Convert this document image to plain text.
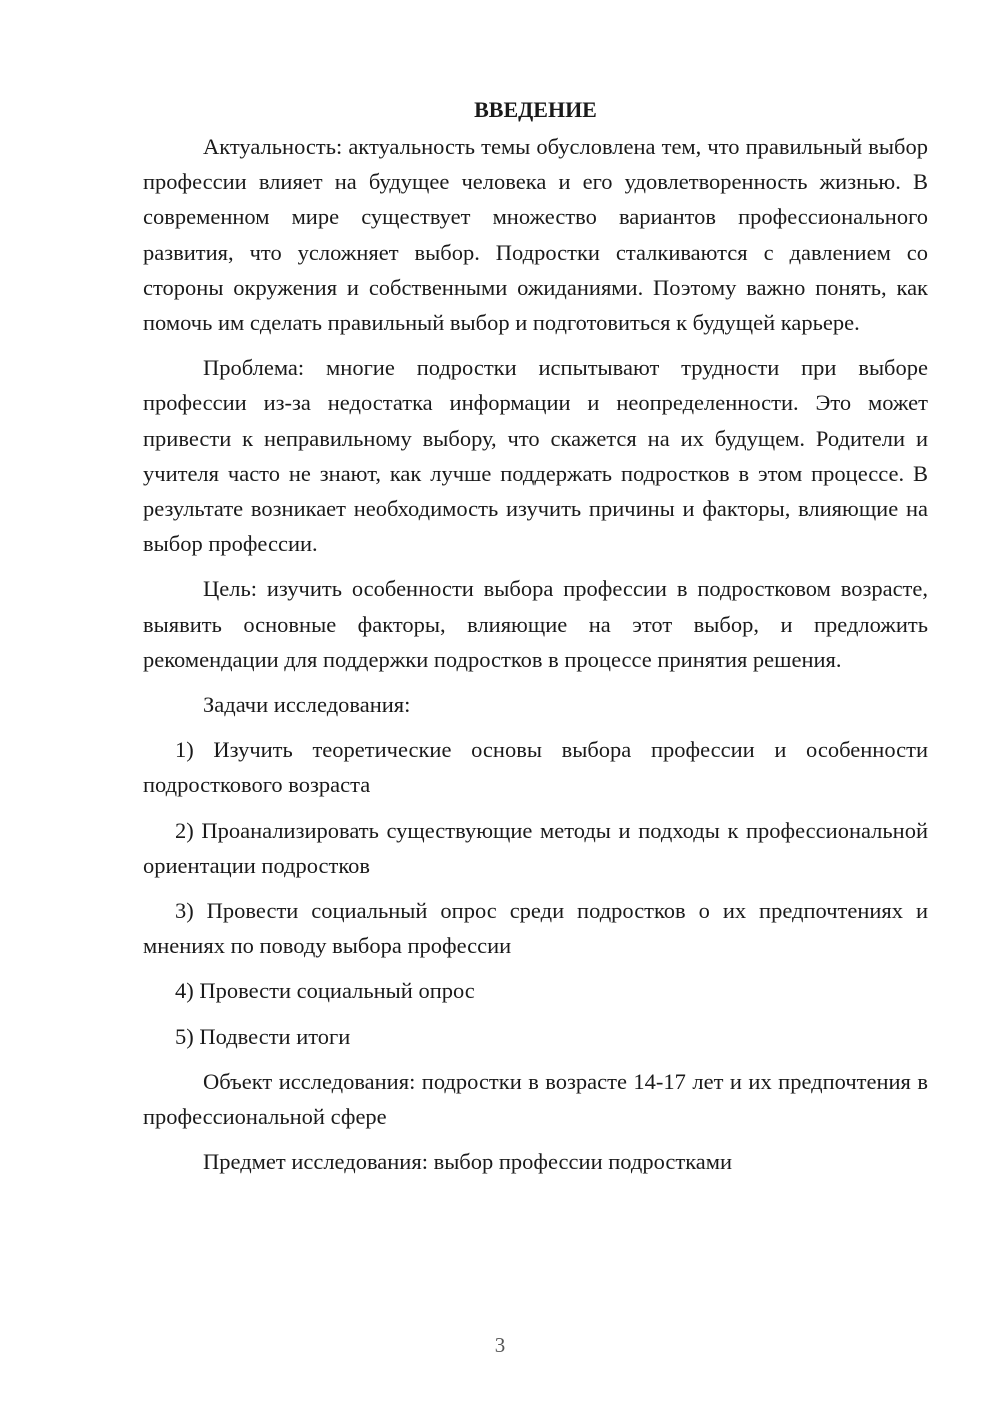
ВВЕДЕНИЕ

Актуальность: актуальность темы обусловлена тем, что правильный выбор профессии влияет на будущее человека и его удовлетворенность жизнью. В современном мире существует множество вариантов профессионального развития, что усложняет выбор. Подростки сталкиваются с давлением со стороны окружения и собственными ожиданиями. Поэтому важно понять, как помочь им сделать правильный выбор и подготовиться к будущей карьере.

Проблема: многие подростки испытывают трудности при выборе профессии из-за недостатка информации и неопределенности. Это может привести к неправильному выбору, что скажется на их будущем. Родители и учителя часто не знают, как лучше поддержать подростков в этом процессе. В результате возникает необходимость изучить причины и факторы, влияющие на выбор профессии.

Цель: изучить особенности выбора профессии в подростковом возрасте, выявить основные факторы, влияющие на этот выбор, и предложить рекомендации для поддержки подростков в процессе принятия решения.

Задачи исследования:

1) Изучить теоретические основы выбора профессии и особенности подросткового возраста

2) Проанализировать существующие методы и подходы к профессиональной ориентации подростков

3) Провести социальный опрос среди подростков о их предпочтениях и мнениях по поводу выбора профессии

4) Провести социальный опрос

5) Подвести итоги

Объект исследования: подростки в возрасте 14-17 лет и их предпочтения в профессиональной сфере

Предмет исследования: выбор профессии подростками

3
